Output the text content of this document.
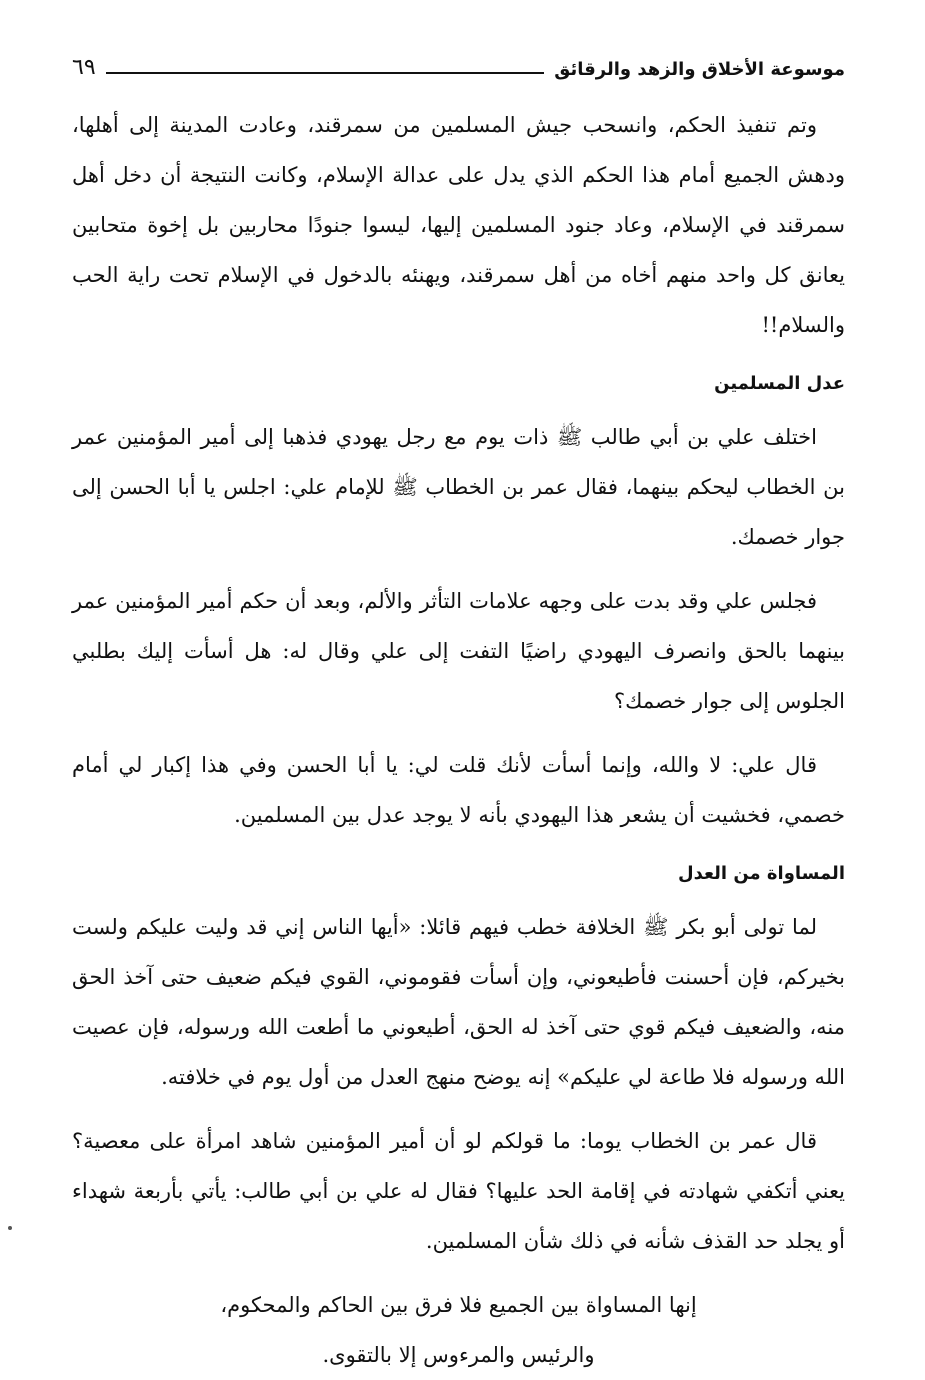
موسوعة الأخلاق والزهد والرقائق
٦٩

وتم تنفيذ الحكم، وانسحب جيش المسلمين من سمرقند، وعادت المدينة إلى أهلها، ودهش الجميع أمام هذا الحكم الذي يدل على عدالة الإسلام، وكانت النتيجة أن دخل أهل سمرقند في الإسلام، وعاد جنود المسلمين إليها، ليسوا جنودًا محاربين بل إخوة متحابين يعانق كل واحد منهم أخاه من أهل سمرقند، ويهنئه بالدخول في الإسلام تحت راية الحب والسلام!!

عدل المسلمين

اختلف علي بن أبي طالب ﷺ ذات يوم مع رجل يهودي فذهبا إلى أمير المؤمنين عمر بن الخطاب ليحكم بينهما، فقال عمر بن الخطاب ﷺ للإمام علي: اجلس يا أبا الحسن إلى جوار خصمك.

فجلس علي وقد بدت على وجهه علامات التأثر والألم، وبعد أن حكم أمير المؤمنين عمر بينهما بالحق وانصرف اليهودي راضيًا التفت إلى علي وقال له: هل أسأت إليك بطلبي الجلوس إلى جوار خصمك؟

قال علي: لا والله، وإنما أسأت لأنك قلت لي: يا أبا الحسن وفي هذا إكبار لي أمام خصمي، فخشيت أن يشعر هذا اليهودي بأنه لا يوجد عدل بين المسلمين.

المساواة من العدل

لما تولى أبو بكر ﷺ الخلافة خطب فيهم قائلا: «أيها الناس إني قد وليت عليكم ولست بخيركم، فإن أحسنت فأطيعوني، وإن أسأت فقوموني، القوي فيكم ضعيف حتى آخذ الحق منه، والضعيف فيكم قوي حتى آخذ له الحق، أطيعوني ما أطعت الله ورسوله، فإن عصيت الله ورسوله فلا طاعة لي عليكم» إنه يوضح منهج العدل من أول يوم في خلافته.

قال عمر بن الخطاب يوما: ما قولكم لو أن أمير المؤمنين شاهد امرأة على معصية؟ يعني أتكفي شهادته في إقامة الحد عليها؟ فقال له علي بن أبي طالب: يأتي بأربعة شهداء أو يجلد حد القذف شأنه في ذلك شأن المسلمين.

إنها المساواة بين الجميع فلا فرق بين الحاكم والمحكوم،
والرئيس والمرءوس إلا بالتقوى.
